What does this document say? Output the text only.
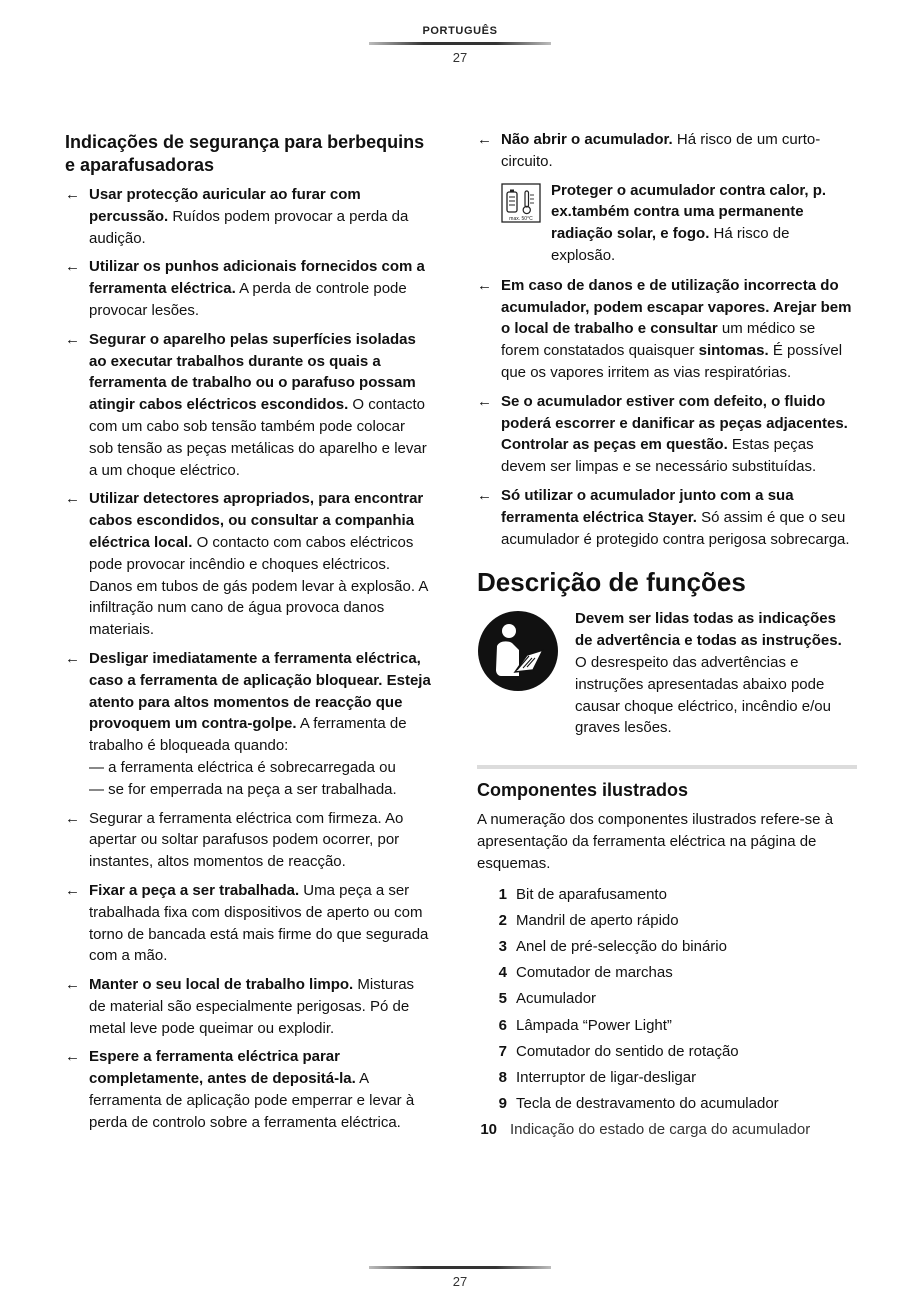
PORTUGUÊS
27
Indicações de segurança para berbequins e aparafusadoras
← Usar protecção auricular ao furar com percussão. Ruídos podem provocar a perda da audição.
← Utilizar os punhos adicionais fornecidos com a ferramenta eléctrica. A perda de controle pode provocar lesões.
← Segurar o aparelho pelas superfícies isoladas ao executar trabalhos durante os quais a ferramenta de trabalho ou o parafuso possam atingir cabos eléctricos escondidos. O contacto com um cabo sob tensão também pode colocar sob tensão as peças metálicas do aparelho e levar a um choque eléctrico.
← Utilizar detectores apropriados, para encontrar cabos escondidos, ou consultar a companhia eléctrica local. O contacto com cabos eléctricos pode provocar incêndio e choques eléctricos. Danos em tubos de gás podem levar à explosão. A infiltração num cano de água provoca danos materiais.
← Desligar imediatamente a ferramenta eléctrica, caso a ferramenta de aplicação bloquear. Esteja atento para altos momentos de reacção que provoquem um contra-golpe. A ferramenta de trabalho é bloqueada quando:
— a ferramenta eléctrica é sobrecarregada ou
— se for emperrada na peça a ser trabalhada.
← Segurar a ferramenta eléctrica com firmeza. Ao apertar ou soltar parafusos podem ocorrer, por instantes, altos momentos de reacção.
← Fixar a peça a ser trabalhada. Uma peça a ser trabalhada fixa com dispositivos de aperto ou com torno de bancada está mais firme do que segurada com a mão.
← Manter o seu local de trabalho limpo. Misturas de material são especialmente perigosas. Pó de metal leve pode queimar ou explodir.
← Espere a ferramenta eléctrica parar completamente, antes de depositá-la. A ferramenta de aplicação pode emperrar e levar à perda de controlo sobre a ferramenta eléctrica.
← Não abrir o acumulador. Há risco de um curto-circuito.
max. 50°C
Proteger o acumulador contra calor, p. ex.também contra uma permanente radiação solar, e fogo. Há risco de explosão.
← Em caso de danos e de utilização incorrecta do acumulador, podem escapar vapores. Arejar bem o local de trabalho e consultar um médico se forem constatados quaisquer sintomas. É possível que os vapores irritem as vias respiratórias.
← Se o acumulador estiver com defeito, o fluido poderá escorrer e danificar as peças adjacentes. Controlar as peças em questão. Estas peças devem ser limpas e se necessário substituídas.
← Só utilizar o acumulador junto com a sua ferramenta eléctrica Stayer. Só assim é que o seu acumulador é protegido contra perigosa sobrecarga.
Descrição de funções
Devem ser lidas todas as indicações de advertência e todas as instruções. O desrespeito das advertências e instruções apresentadas abaixo pode causar choque eléctrico, incêndio e/ou graves lesões.
Componentes ilustrados
A numeração dos componentes ilustrados refere-se à apresentação da ferramenta eléctrica na página de esquemas.
1 Bit de aparafusamento
2 Mandril de aperto rápido
3 Anel de pré-selecção do binário
4 Comutador de marchas
5 Acumulador
6 Lâmpada “Power Light”
7 Comutador do sentido de rotação
8 Interruptor de ligar-desligar
9 Tecla de destravamento do acumulador
10 Indicação do estado de carga do acumulador
27
